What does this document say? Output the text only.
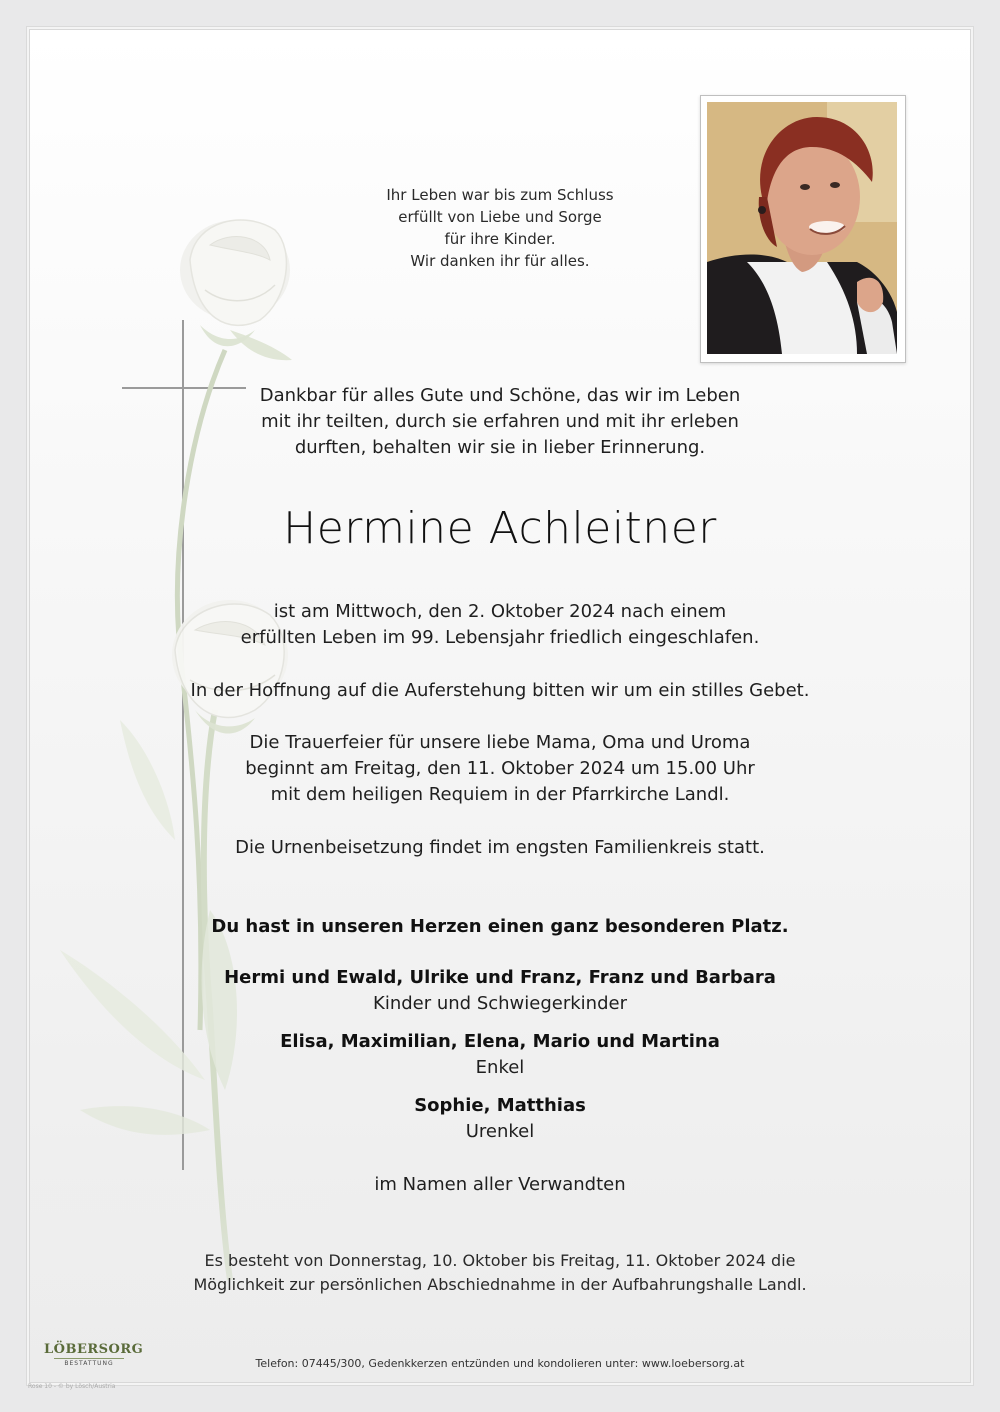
Ihr Leben war bis zum Schluss
erfüllt von Liebe und Sorge
für ihre Kinder.
Wir danken ihr für alles.
Dankbar für alles Gute und Schöne, das wir im Leben
mit ihr teilten, durch sie erfahren und mit ihr erleben
durften, behalten wir sie in lieber Erinnerung.
Hermine Achleitner
ist am Mittwoch, den 2. Oktober 2024 nach einem
erfüllten Leben im 99. Lebensjahr friedlich eingeschlafen.
In der Hoffnung auf die Auferstehung bitten wir um ein stilles Gebet.
Die Trauerfeier für unsere liebe Mama, Oma und Uroma
beginnt am Freitag, den 11. Oktober 2024 um 15.00 Uhr
mit dem heiligen Requiem in der Pfarrkirche Landl.
Die Urnenbeisetzung findet im engsten Familienkreis statt.
Du hast in unseren Herzen einen ganz besonderen Platz.
Hermi und Ewald, Ulrike und Franz, Franz und Barbara
Kinder und Schwiegerkinder
Elisa, Maximilian, Elena, Mario und Martina
Enkel
Sophie, Matthias
Urenkel
im Namen aller Verwandten
Es besteht von Donnerstag, 10. Oktober bis Freitag, 11. Oktober 2024 die
Möglichkeit zur persönlichen Abschiednahme in der Aufbahrungshalle Landl.
Telefon: 07445/300, Gedenkkerzen entzünden und kondolieren unter: www.loebersorg.at
LÖBERSORG
BESTATTUNG
Rose 10 - © by Lösch/Austria
